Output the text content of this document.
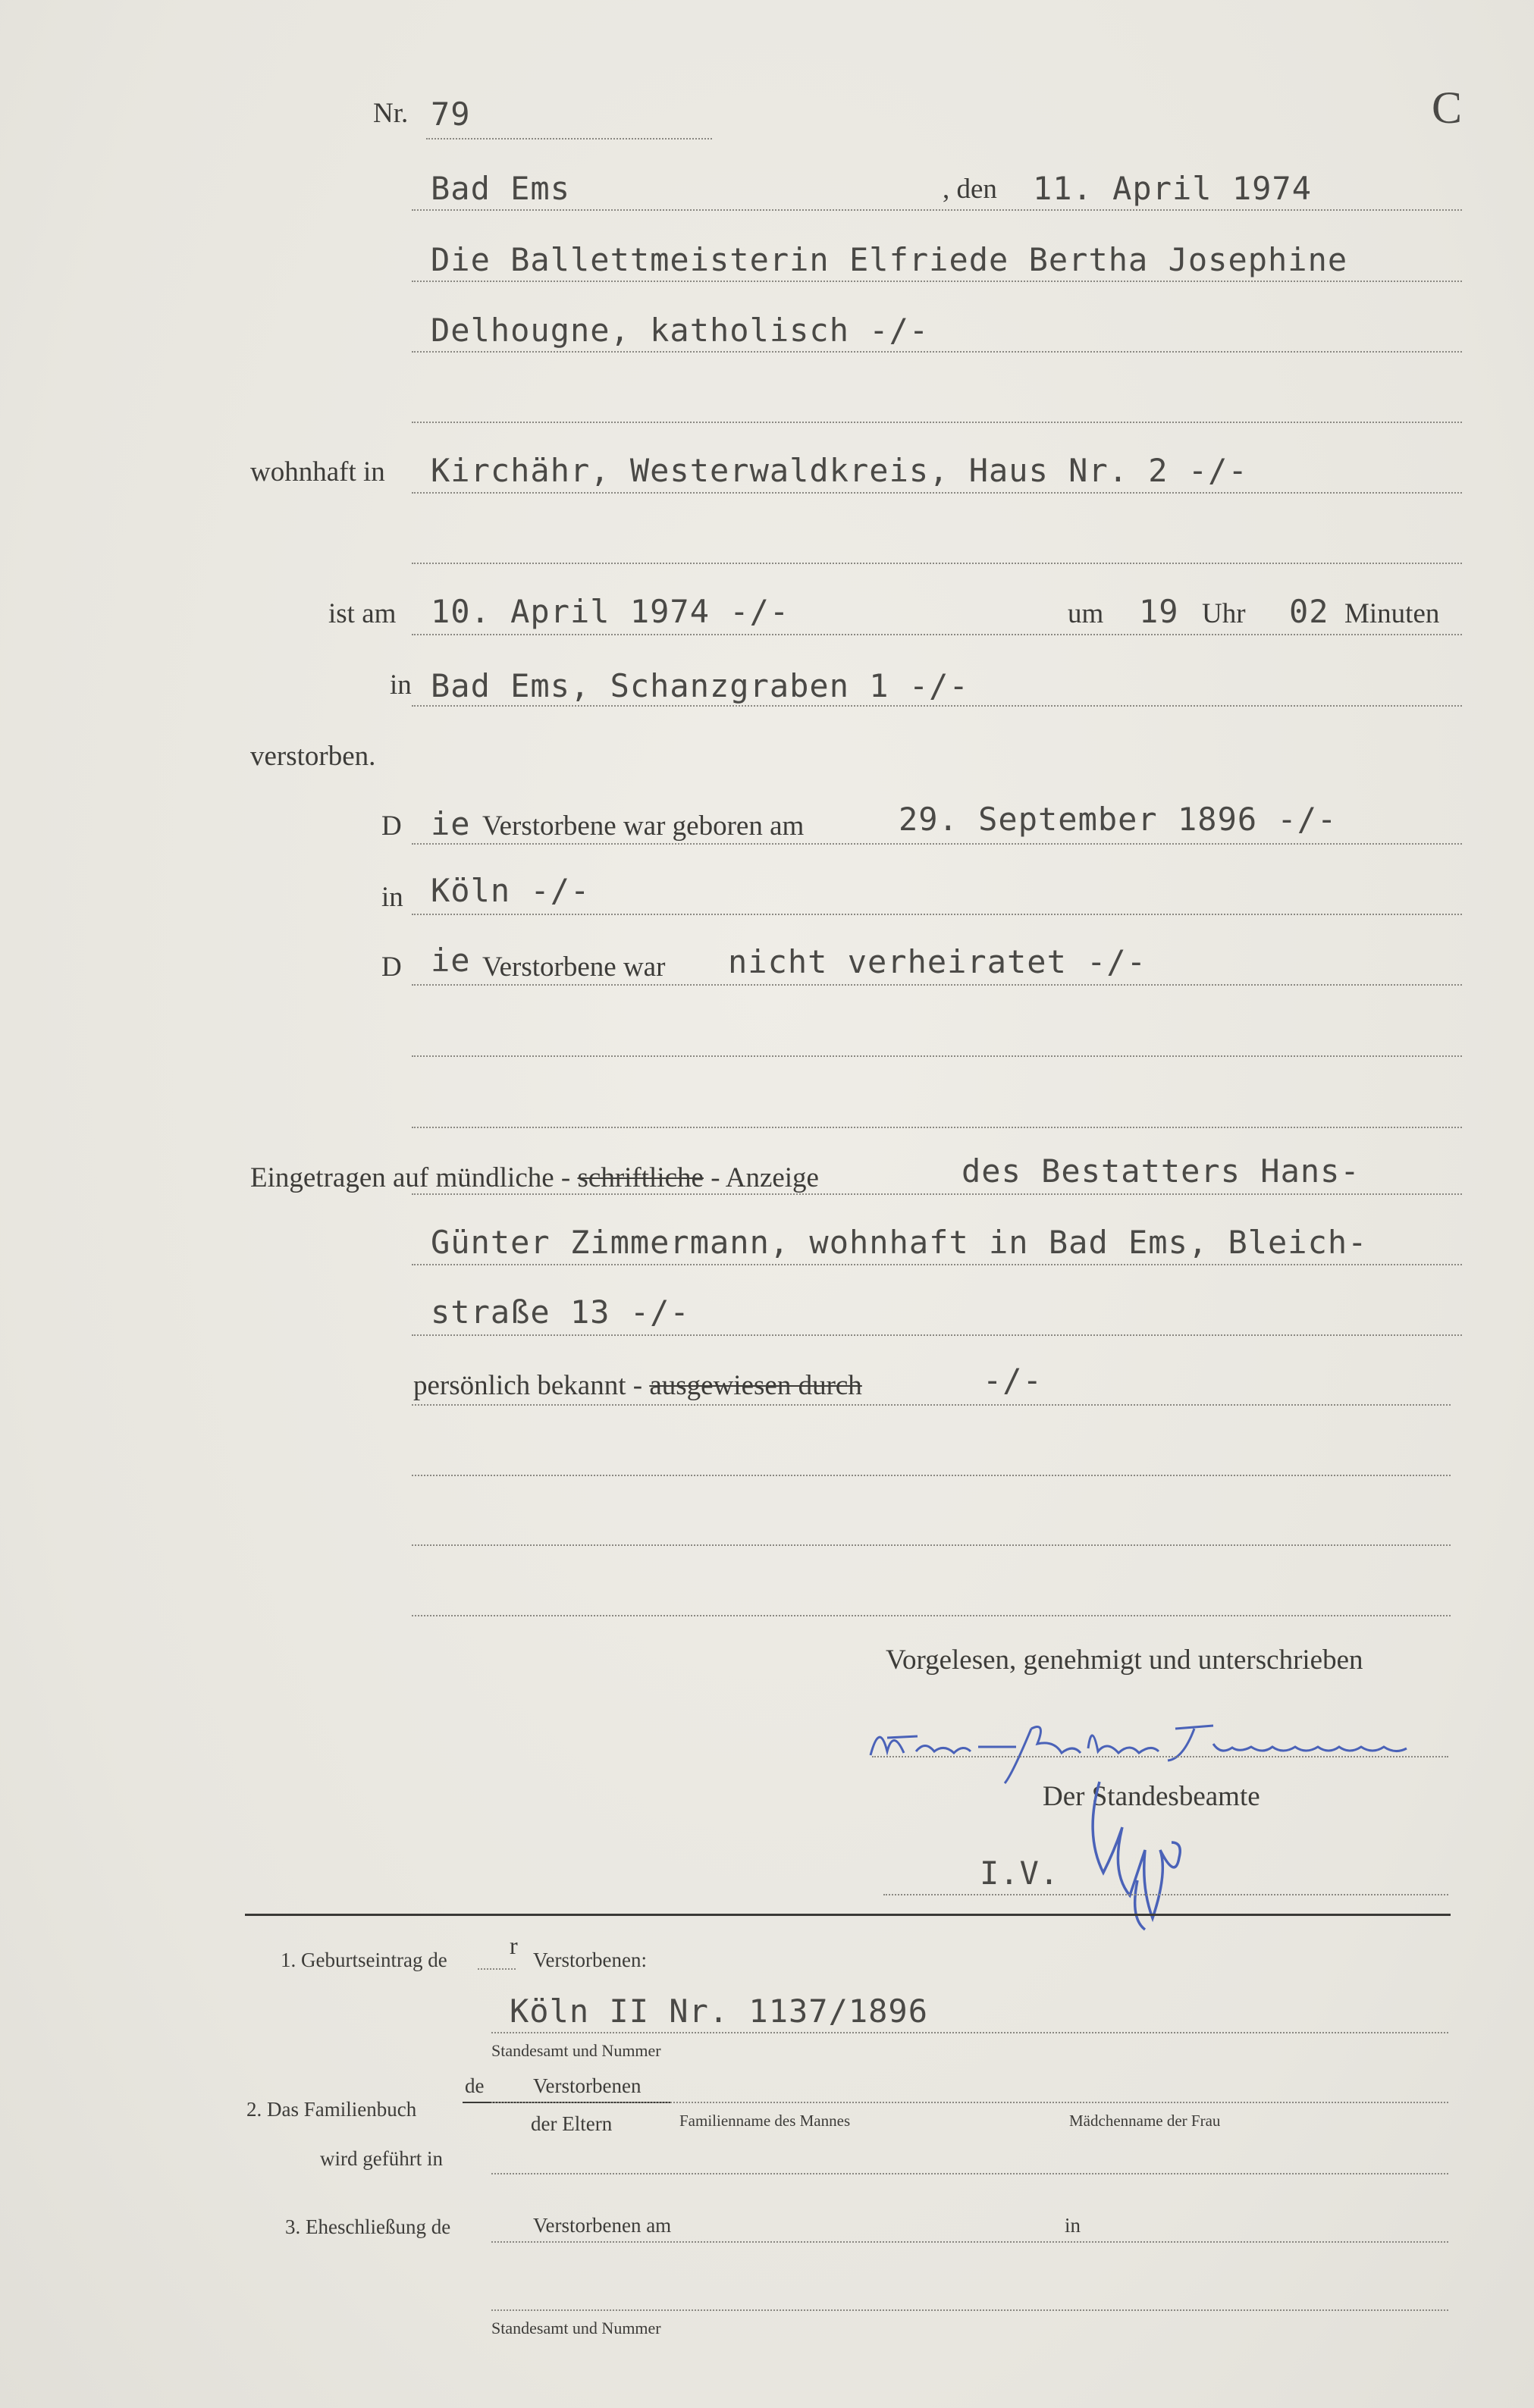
Nr. 79	C
Bad Ems	, den 11. April 1974
Die Ballettmeisterin Elfriede Bertha Josephine
Delhougne, katholisch -/-
wohnhaft in Kirchähr, Westerwaldkreis, Haus Nr. 2 -/-
ist am 10. April 1974 -/-	um 19 Uhr 02 Minuten
in Bad Ems, Schanzgraben 1 -/-
verstorben.
D ie Verstorbene war geboren am	29. September 1896 -/-
in Köln -/-
D ie Verstorbene war nicht verheiratet -/-
Eingetragen auf mündliche - schriftliche - Anzeige	des Bestatters Hans-
Günter Zimmermann, wohnhaft in Bad Ems, Bleich-
straße 13 -/-
persönlich bekannt - ausgewiesen durch	-/-
Vorgelesen, genehmigt und unterschrieben
Der Standesbeamte
I.V.
1. Geburtseintrag de
r
Verstorbenen:
Köln II Nr. 1137/1896
Standesamt und Nummer
2. Das Familienbuch
de Verstorbenen
der Eltern	Familienname des Mannes	Mädchenname der Frau
wird geführt in
3. Eheschließung de	Verstorbenen am	in
Standesamt und Nummer
